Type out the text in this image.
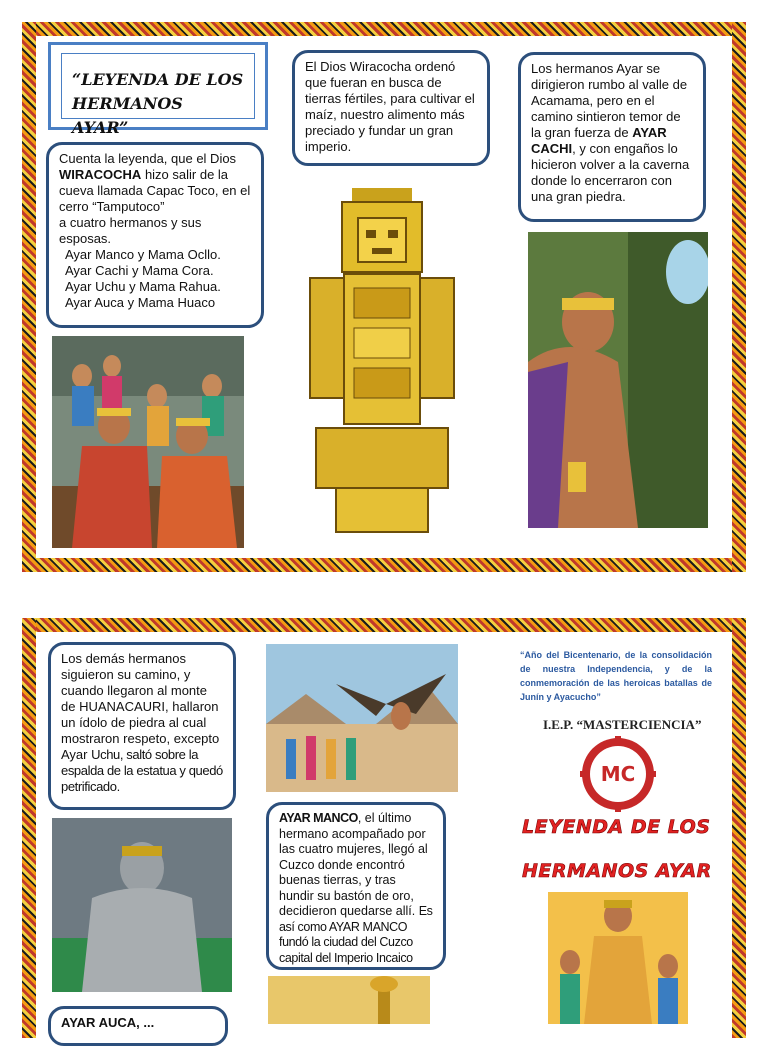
“LEYENDA DE LOS HERMANOS AYAR”
Cuenta la leyenda, que el Dios
WIRACOCHA hizo salir de la cueva llamada Capac Toco, en el cerro “Tamputoco”
a cuatro hermanos y sus esposas.
Ayar Manco y Mama Ocllo.
Ayar Cachi y Mama Cora.
Ayar Uchu y Mama Rahua.
Ayar Auca y Mama Huaco
El Dios Wiracocha ordenó que fueran en busca de tierras fértiles, para cultivar el maíz, nuestro alimento más preciado y fundar un gran imperio.
Los hermanos Ayar se dirigieron rumbo al valle de Acamama, pero en el camino sintieron temor de la gran fuerza de AYAR CACHI, y con engaños lo hicieron volver a la caverna donde lo encerraron con una gran piedra.
Los demás hermanos siguieron su camino, y cuando llegaron al monte de HUANACAURI, hallaron un ídolo de piedra al cual mostraron respeto, excepto Ayar Uchu, saltó sobre la espalda de la estatua y quedó petrificado.
AYAR MANCO, el último hermano acompañado por las cuatro mujeres, llegó al Cuzco donde encontró buenas tierras, y tras hundir su bastón de oro, decidieron quedarse allí. Es así como AYAR MANCO fundó la ciudad del Cuzco capital del Imperio Incaico
AYAR AUCA, ...
“Año del Bicentenario, de la consolidación de nuestra Independencia, y de la conmemoración de las heroicas batallas de Junín y Ayacucho”
I.E.P. “MASTERCIENCIA”
MC
LEYENDA DE LOS
HERMANOS AYAR
